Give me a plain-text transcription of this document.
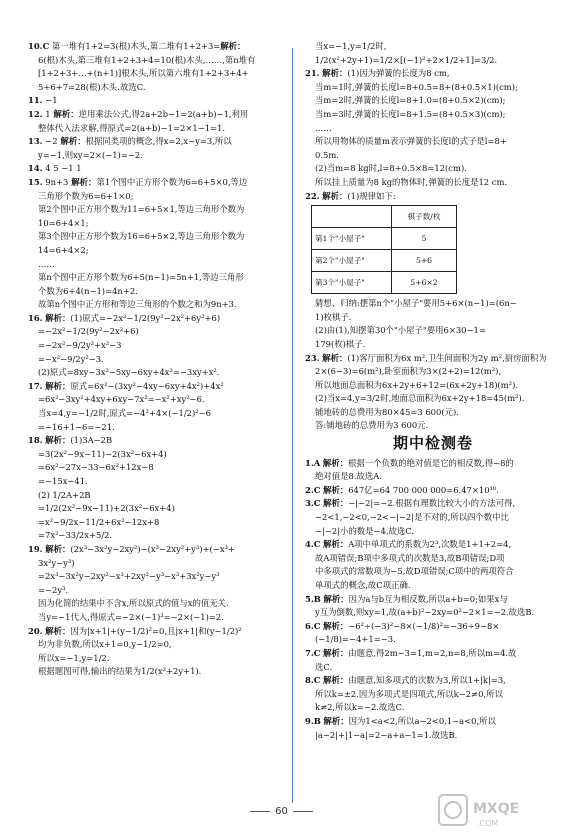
10.C 第一堆有1+2=3(根)木头,第二堆有1+2+3=解析：
6(根)木头,第三堆有1+2+3+4=10(根)木头,……,第n堆有
[1+2+3+…+(n+1)]根木头,所以第六堆有1+2+3+4+
5+6+7=28(根)木头.故选C.
11. −1
12. 1 解析：逆用乘法公式,得2a+2b−1=2(a+b)−1,利用
整体代入法求解,得原式=2(a+b)−1=2×1−1=1.
13. −2 解析：根据同类项的概念,得x=2,x−y=3,所以
y=−1,则xy=2×(−1)=−2.
14. 4 5 −1 1
15. 9n+3 解析：第1个图中正方形个数为6=6+5×0,等边
三角形个数为6=6+1×0;
第2个图中正方形个数为11=6+5×1,等边三角形个数为
10=6+4×1;
第3个图中正方形个数为16=6+5×2,等边三角形个数为
14=6+4×2;
……
第n个图中正方形个数为6+5(n−1)=5n+1,等边三角形
个数为6+4(n−1)=4n+2.
故第n个图中正方形和等边三角形的个数之和为9n+3.
16. 解析：(1)原式=−2x²−1/2(9y²−2x²+6y²+6)
=−2x²−1/2(9y²−2x²+6)
=−2x²−9/2y²+x²−3
=−x²−9/2y²−3.
(2)原式=8xy−3x²−5xy−6xy+4x²=−3xy+x².
17. 解析：原式=6x²−(3xy²−4xy−6xy+4x²)+4x²
=6x²−3xy²+4xy+6xy−7x²=−x²+xy²−6.
当x=4,y=−1/2时,原式=−4²+4×(−1/2)²−6
=−16+1−6=−21.
18. 解析：(1)3A−2B
=3(2x²−9x−11)−2(3x²−6x+4)
=6x²−27x−33−6x²+12x−8
=−15x−41.
(2) 1/2A+2B
=1/2(2x²−9x−11)+2(3x²−6x+4)
=x²−9/2x−11/2+6x²−12x+8
=7x²−33/2x+5/2.
19. 解析：(2x³−3x²y−2xy²)−(x³−2xy²+y³)+(−x³+
3x²y−y³)
=2x³−3x²y−2xy²−x³+2xy²−y³−x³+3x²y−y³
=−2y³.
因为化简的结果中不含x,所以原式的值与x的值无关.
当y=−1代入,得原式=−2×(−1)³=−2×(−1)=2.
20. 解析：因为|x+1|+(y−1/2)²=0,且|x+1|和(y−1/2)²
均为非负数,所以x+1=0,y−1/2=0,
所以x=−1,y=1/2.
根据题图可得,输出的结果为1/2(x²+2y+1).
当x=−1,y=1/2时,
1/2(x²+2y+1)=1/2×[(−1)²+2×1/2+1]=3/2.
21. 解析：(1)因为弹簧的长度为8 cm,
当m=1时,弹簧的长度l=8+0.5=8+(8+0.5×1)(cm);
当m=2时,弹簧的长度l=8+1.0=(8+0.5×2)(cm);
当m=3时,弹簧的长度l=8+1.5=(8+0.5×3)(cm);
……
所以用物体的质量m表示弹簧的长度l的式子是l=8+
0.5m.
(2)当m=8 kg时,l=8+0.5×8=12(cm).
所以挂上质量为8 kg的物体时,弹簧的长度是12 cm.
22. 解析：(1)规律如下:
	棋子数/枚
第1个"小屋子"	5
第2个"小屋子"	5+6
第3个"小屋子"	5+6×2
猜想、归纳:摆第n个"小屋子"要用5+6×(n−1)=(6n−
1)枚棋子.
(2)由(1),知摆第30个"小屋子"要用6×30−1=
179(枚)棋子.
23. 解析：(1)客厅面积为6x m²,卫生间面积为2y m²,厨房面积为
2×(6−3)=6(m²),卧室面积为3×(2+2)=12(m²),
所以地面总面积为6x+2y+6+12=(6x+2y+18)(m²).
(2)当x=4,y=3/2时,地面总面积为6x+2y+18=45(m²).
铺地砖的总费用为80×45=3 600(元).
答:铺地砖的总费用为3 600元.
期中检测卷
1.A 解析：根据一个负数的绝对值是它的相反数,得−8的
绝对值是8.故选A.
2.C 解析：647亿=64 700 000 000=6.47×10¹⁰.
3.C 解析：−|−2|=−2.根据有理数比较大小的方法可得,
−2<1,−2<0,−2<−|−2|是不对的,所以四个数中比
−|−2|小的数是−4.故选C.
4.C 解析：A项中单项式的系数为2³,次数是1+1+2=4,
故A项错误;B项中多项式的次数是3,故B项错误;D项
中多项式的常数项为−5,故D项错误;C项中的两项符合
单项式的概念,故C项正确.
5.B 解析：因为a与b互为相反数,所以a+b=0;如果x与
y互为倒数,则xy=1,故(a+b)²−2xy=0²−2×1=−2.故选B.
6.C 解析：−6²÷(−3)²−8×(−1/8)²=−36÷9−8×
(−1/8)=−4+1=−3.
7.C 解析：由题意,得2m−3=1,m=2,n=8,所以m=4.故
选C.
8.C 解析：由题意,知多项式的次数为3,所以1+|k|=3,
所以k=±2.因为多项式是四项式,所以k−2≠0,所以
k≠2,所以k=−2.故选C.
9.B 解析：因为1<a<2,所以a−2<0,1−a<0,所以
|a−2|+|1−a|=2−a+a−1=1.故选B.
60	MXQE
.COM
